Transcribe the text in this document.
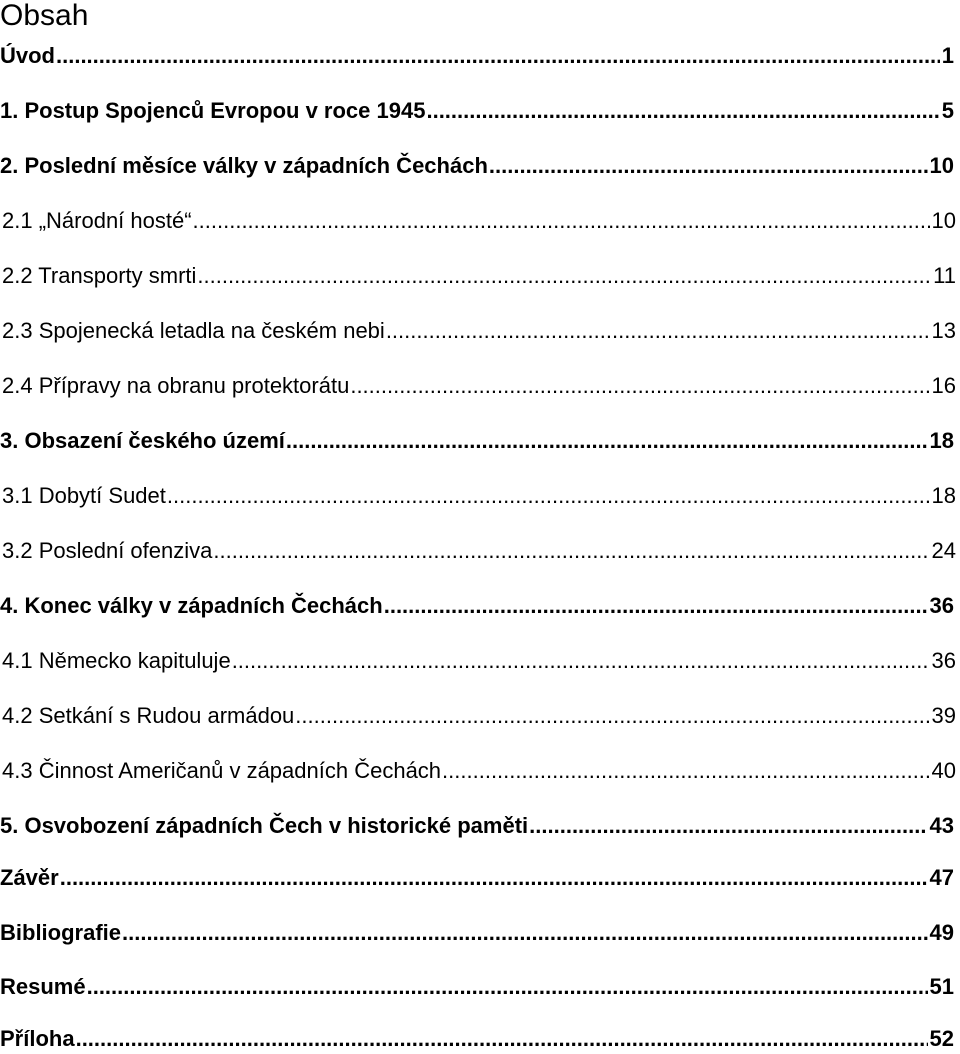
Obsah
Úvod .....	1
1. Postup Spojenců Evropou v roce 1945 .....	5
2. Poslední měsíce války v západních Čechách .....	10
2.1 „Národní hosté“ .....	10
2.2 Transporty smrti .....	11
2.3 Spojenecká letadla na českém nebi .....	13
2.4 Přípravy na obranu protektorátu .....	16
3. Obsazení českého území .....	18
3.1 Dobytí Sudet .....	18
3.2 Poslední ofenziva .....	24
4. Konec války v západních Čechách .....	36
4.1 Německo kapituluje .....	36
4.2 Setkání s Rudou armádou .....	39
4.3 Činnost Američanů v západních Čechách .....	40
5. Osvobození západních Čech v historické paměti .....	43
Závěr .....	47
Bibliografie .....	49
Resumé .....	51
Příloha .....	52
